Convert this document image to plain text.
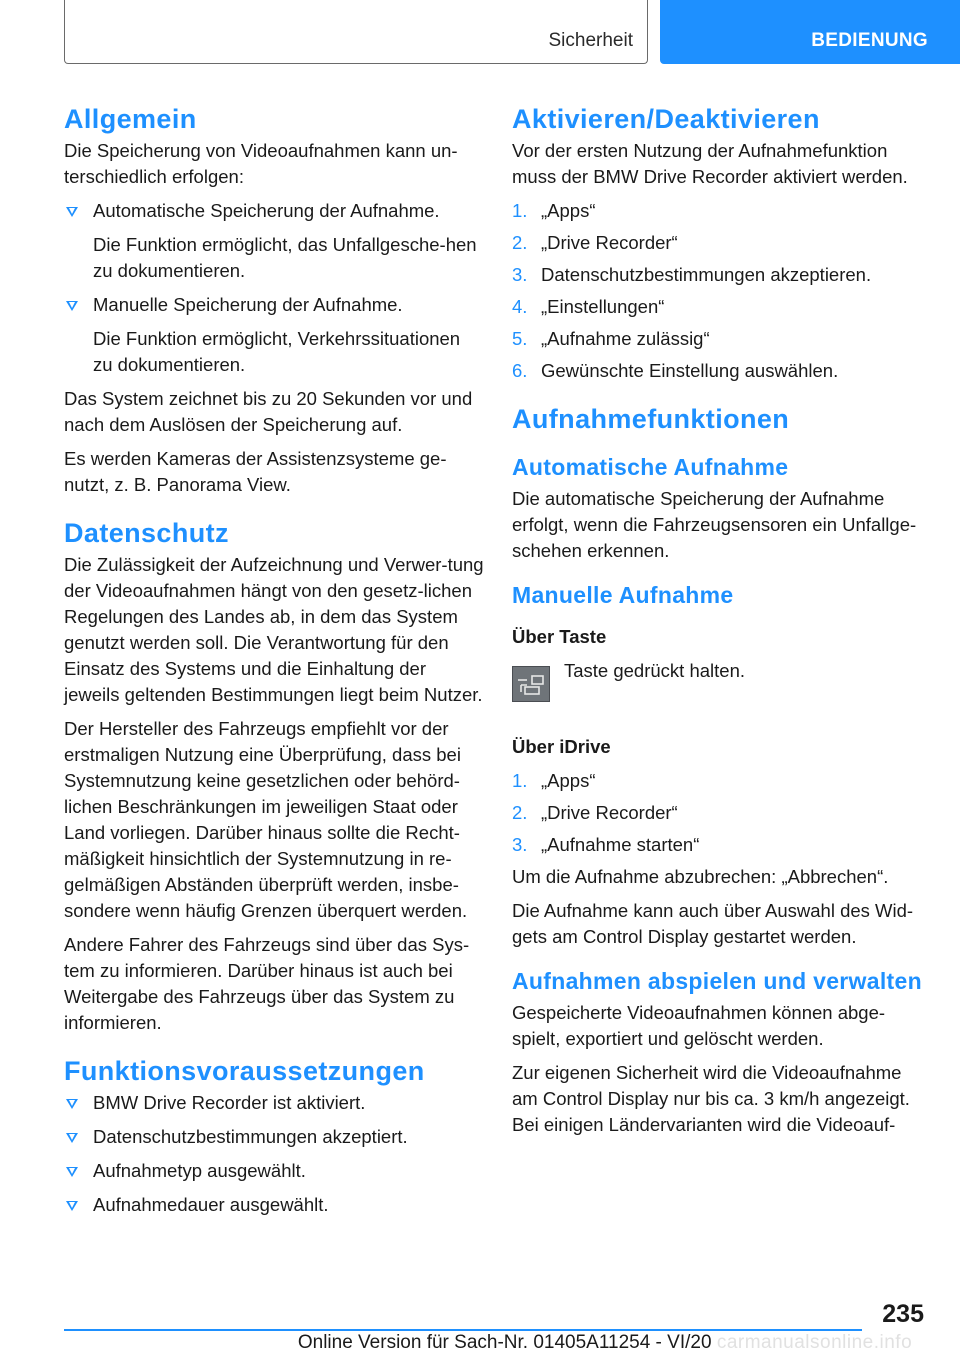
Sicherheit	BEDIENUNG
Allgemein

Die Speicherung von Videoaufnahmen kann un-terschiedlich erfolgen:

Automatische Speicherung der Aufnahme.
Die Funktion ermöglicht, das Unfallgesche-hen zu dokumentieren.
Manuelle Speicherung der Aufnahme.
Die Funktion ermöglicht, Verkehrssituationen zu dokumentieren.

Das System zeichnet bis zu 20 Sekunden vor und nach dem Auslösen der Speicherung auf.

Es werden Kameras der Assistenzsysteme ge-nutzt, z. B. Panorama View.

Datenschutz

Die Zulässigkeit der Aufzeichnung und Verwer-tung der Videoaufnahmen hängt von den gesetz-lichen Regelungen des Landes ab, in dem das System genutzt werden soll. Die Verantwortung für den Einsatz des Systems und die Einhaltung der jeweils geltenden Bestimmungen liegt beim Nutzer.

Der Hersteller des Fahrzeugs empfiehlt vor der erstmaligen Nutzung eine Überprüfung, dass bei Systemnutzung keine gesetzlichen oder behörd-lichen Beschränkungen im jeweiligen Staat oder Land vorliegen. Darüber hinaus sollte die Recht-mäßigkeit hinsichtlich der Systemnutzung in re-gelmäßigen Abständen überprüft werden, insbe-sondere wenn häufig Grenzen überquert werden.

Andere Fahrer des Fahrzeugs sind über das Sys-tem zu informieren. Darüber hinaus ist auch bei Weitergabe des Fahrzeugs über das System zu informieren.

Funktionsvoraussetzungen
BMW Drive Recorder ist aktiviert.
Datenschutzbestimmungen akzeptiert.
Aufnahmetyp ausgewählt.
Aufnahmedauer ausgewählt.
Aktivieren/Deaktivieren

Vor der ersten Nutzung der Aufnahmefunktion muss der BMW Drive Recorder aktiviert werden.

1. „Apps“
2. „Drive Recorder“
3. Datenschutzbestimmungen akzeptieren.
4. „Einstellungen“
5. „Aufnahme zulässig“
6. Gewünschte Einstellung auswählen.
Aufnahmefunktionen
Automatische Aufnahme

Die automatische Speicherung der Aufnahme erfolgt, wenn die Fahrzeugsensoren ein Unfallge-schehen erkennen.

Manuelle Aufnahme
Über Taste
Taste gedrückt halten.
Über iDrive
1. „Apps“
2. „Drive Recorder“
3. „Aufnahme starten“

Um die Aufnahme abzubrechen: „Abbrechen“.

Die Aufnahme kann auch über Auswahl des Wid-gets am Control Display gestartet werden.

Aufnahmen abspielen und verwalten

Gespeicherte Videoaufnahmen können abge-spielt, exportiert und gelöscht werden.

Zur eigenen Sicherheit wird die Videoaufnahme am Control Display nur bis ca. 3 km/h angezeigt. Bei einigen Ländervarianten wird die Videoauf-

235
Online Version für Sach-Nr. 01405A11254 - VI/20 carmanualsonline.info
